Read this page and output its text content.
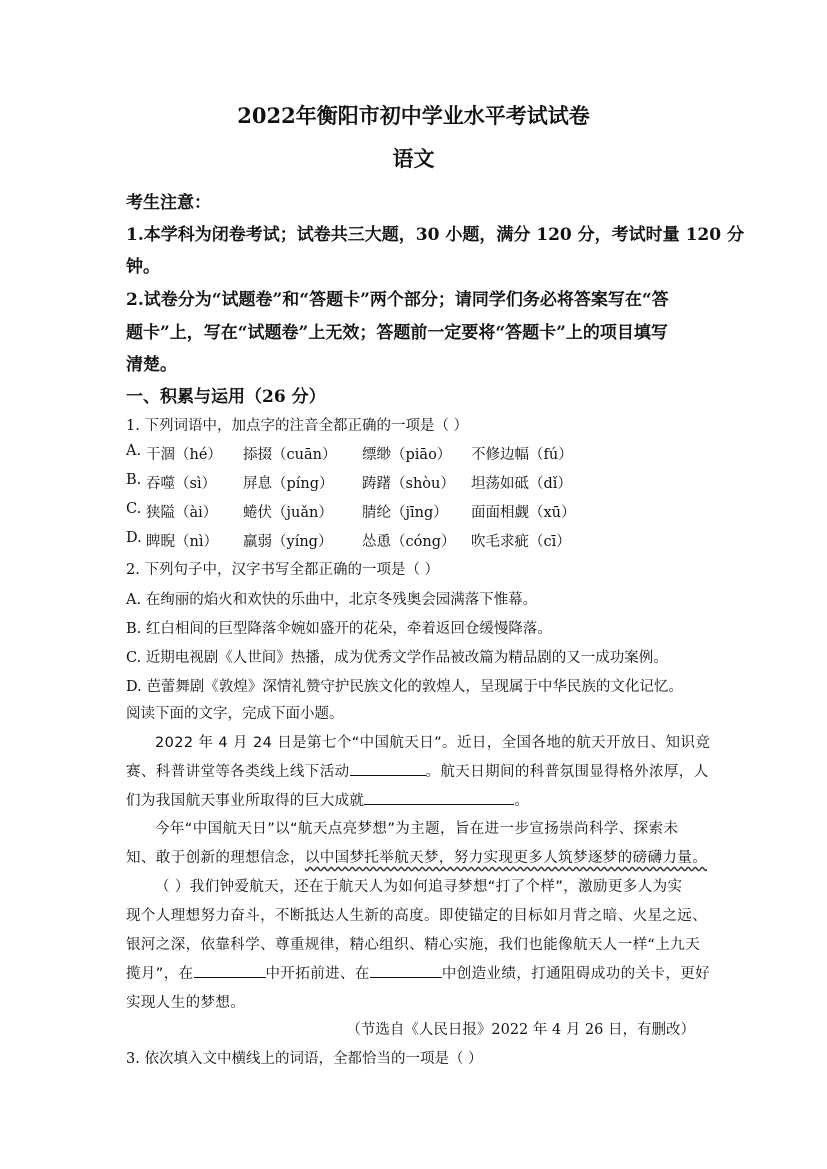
2022年衡阳市初中学业水平考试试卷
语文
考生注意：
1.本学科为闭卷考试；试卷共三大题，30 小题，满分 120 分，考试时量 120 分
钟。
2.试卷分为“试题卷”和“答题卡”两个部分；请同学们务必将答案写在“答
题卡”上，写在“试题卷”上无效；答题前一定要将“答题卡”上的项目填写
清楚。
一、积累与运用（26 分）
1. 下列词语中，加点字的注音全都正确的一项是（ ）
A. 干涸（hé） 掭掇（cuān） 缥缈（piāo） 不修边幅（fú）
B. 吞噬（sì） 屏息（píng） 踌躇（shòu） 坦荡如砥（dǐ）
C. 狭隘（ài） 蜷伏（juǎn） 腈纶（jīng） 面面相觑（xū）
D. 睥睨（nì） 羸弱（yíng） 怂恿（cóng） 吹毛求疵（cī）
2. 下列句子中，汉字书写全都正确的一项是（ ）
A. 在绚丽的焰火和欢快的乐曲中，北京冬残奥会园满落下惟幕。
B. 红白相间的巨型降落伞婉如盛开的花朵，牵着返回仓缓慢降落。
C. 近期电视剧《人世间》热播，成为优秀文学作品被改篇为精品剧的又一成功案例。
D. 芭蕾舞剧《敦煌》深情礼赞守护民族文化的敦煌人，呈现属于中华民族的文化记忆。
阅读下面的文字，完成下面小题。
2022 年 4 月 24 日是第七个“中国航天日”。近日，全国各地的航天开放日、知识竞
赛、科普讲堂等各类线上线下活动	。航天日期间的科普氛围显得格外浓厚，人
们为我国航天事业所取得的巨大成就	。
今年“中国航天日”以“航天点亮梦想”为主题，旨在进一步宣扬崇尚科学、探索未
知、敢于创新的理想信念，以中国梦托举航天梦，努力实现更多人筑梦逐梦的磅礴力量。
（ ）我们钟爱航天，还在于航天人为如何追寻梦想“打了个样”，激励更多人为实
现个人理想努力奋斗，不断抵达人生新的高度。即使锚定的目标如月背之暗、火星之远、
银河之深，依靠科学、尊重规律，精心组织、精心实施，我们也能像航天人一样“上九天
揽月”，在	中开拓前进、在	中创造业绩，打通阻碍成功的关卡，更好
实现人生的梦想。
（节选自《人民日报》2022 年 4 月 26 日，有删改）
3. 依次填入文中横线上的词语，全都恰当的一项是（ ）
